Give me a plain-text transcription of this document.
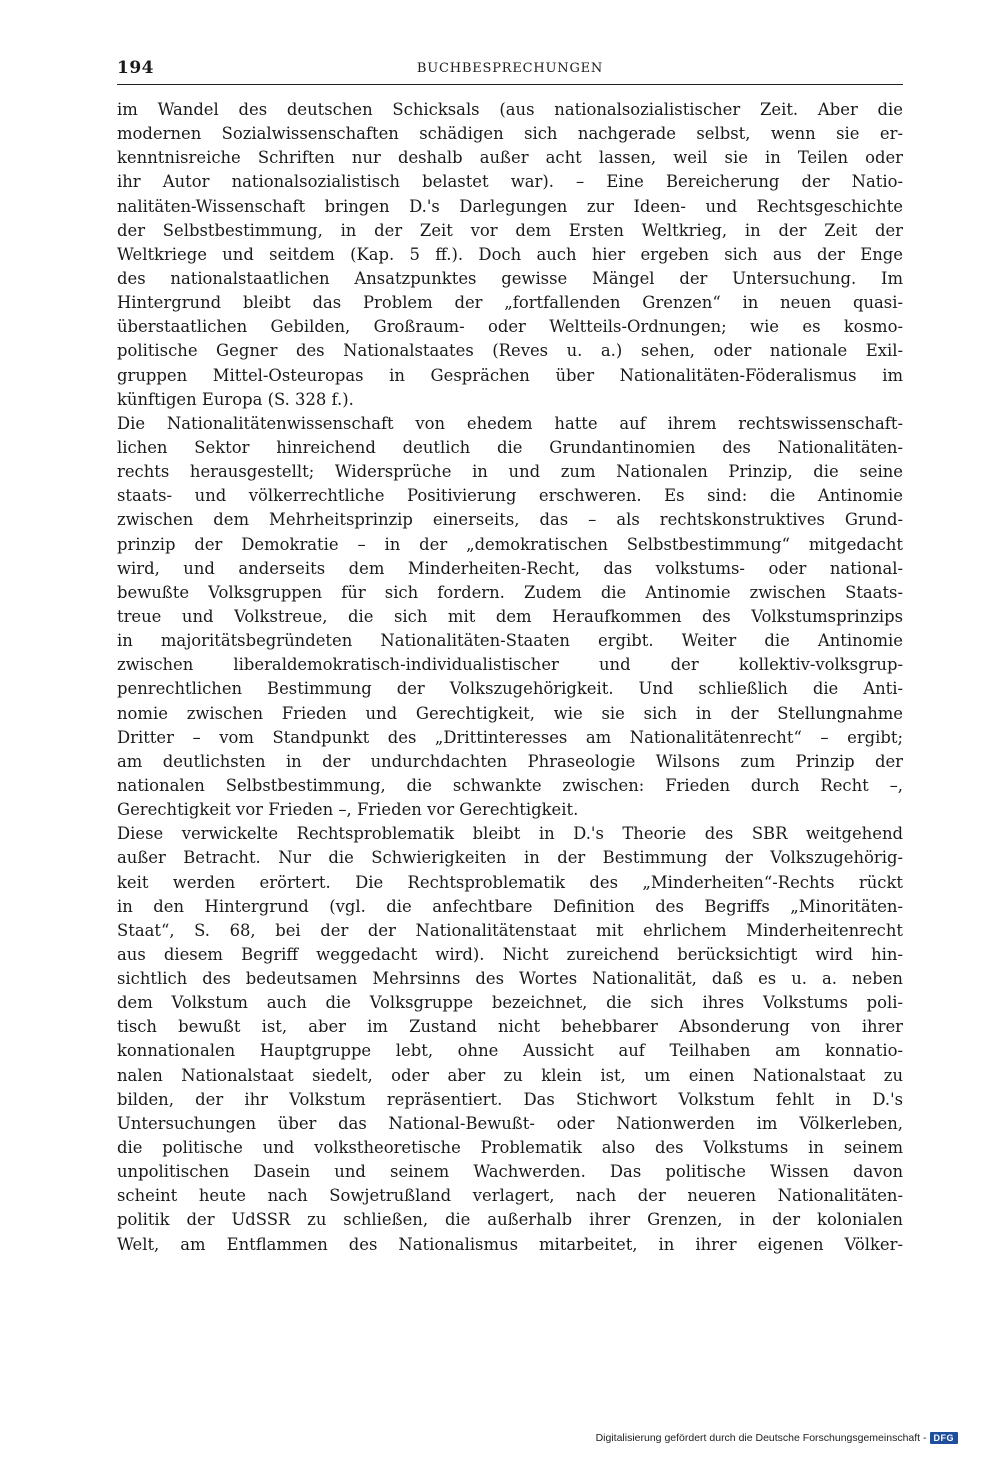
194	BUCHBESPRECHUNGEN
im Wandel des deutschen Schicksals (aus nationalsozialistischer Zeit. Aber die
modernen Sozialwissenschaften schädigen sich nachgerade selbst, wenn sie er-
kenntnisreiche Schriften nur deshalb außer acht lassen, weil sie in Teilen oder
ihr Autor nationalsozialistisch belastet war). – Eine Bereicherung der Natio-
nalitäten-Wissenschaft bringen D.'s Darlegungen zur Ideen- und Rechtsgeschichte
der Selbstbestimmung, in der Zeit vor dem Ersten Weltkrieg, in der Zeit der
Weltkriege und seitdem (Kap. 5 ff.). Doch auch hier ergeben sich aus der Enge
des nationalstaatlichen Ansatzpunktes gewisse Mängel der Untersuchung. Im
Hintergrund bleibt das Problem der „fortfallenden Grenzen“ in neuen quasi-
überstaatlichen Gebilden, Großraum- oder Weltteils-Ordnungen; wie es kosmo-
politische Gegner des Nationalstaates (Reves u. a.) sehen, oder nationale Exil-
gruppen Mittel-Osteuropas in Gesprächen über Nationalitäten-Föderalismus im
künftigen Europa (S. 328 f.).
Die Nationalitätenwissenschaft von ehedem hatte auf ihrem rechtswissenschaft-
lichen Sektor hinreichend deutlich die Grundantinomien des Nationalitäten-
rechts herausgestellt; Widersprüche in und zum Nationalen Prinzip, die seine
staats- und völkerrechtliche Positivierung erschweren. Es sind: die Antinomie
zwischen dem Mehrheitsprinzip einerseits, das – als rechtskonstruktives Grund-
prinzip der Demokratie – in der „demokratischen Selbstbestimmung“ mitgedacht
wird, und anderseits dem Minderheiten-Recht, das volkstums- oder national-
bewußte Volksgruppen für sich fordern. Zudem die Antinomie zwischen Staats-
treue und Volkstreue, die sich mit dem Heraufkommen des Volkstumsprinzips
in majoritätsbegründeten Nationalitäten-Staaten ergibt. Weiter die Antinomie
zwischen liberaldemokratisch-individualistischer und der kollektiv-volksgrup-
penrechtlichen Bestimmung der Volkszugehörigkeit. Und schließlich die Anti-
nomie zwischen Frieden und Gerechtigkeit, wie sie sich in der Stellungnahme
Dritter – vom Standpunkt des „Drittinteresses am Nationalitätenrecht“ – ergibt;
am deutlichsten in der undurchdachten Phraseologie Wilsons zum Prinzip der
nationalen Selbstbestimmung, die schwankte zwischen: Frieden durch Recht –,
Gerechtigkeit vor Frieden –, Frieden vor Gerechtigkeit.
Diese verwickelte Rechtsproblematik bleibt in D.'s Theorie des SBR weitgehend
außer Betracht. Nur die Schwierigkeiten in der Bestimmung der Volkszugehörig-
keit werden erörtert. Die Rechtsproblematik des „Minderheiten“-Rechts rückt
in den Hintergrund (vgl. die anfechtbare Definition des Begriffs „Minoritäten-
Staat“, S. 68, bei der der Nationalitätenstaat mit ehrlichem Minderheitenrecht
aus diesem Begriff weggedacht wird). Nicht zureichend berücksichtigt wird hin-
sichtlich des bedeutsamen Mehrsinns des Wortes Nationalität, daß es u. a. neben
dem Volkstum auch die Volksgruppe bezeichnet, die sich ihres Volkstums poli-
tisch bewußt ist, aber im Zustand nicht behebbarer Absonderung von ihrer
konnationalen Hauptgruppe lebt, ohne Aussicht auf Teilhaben am konnatio-
nalen Nationalstaat siedelt, oder aber zu klein ist, um einen Nationalstaat zu
bilden, der ihr Volkstum repräsentiert. Das Stichwort Volkstum fehlt in D.'s
Untersuchungen über das National-Bewußt- oder Nationwerden im Völkerleben,
die politische und volkstheoretische Problematik also des Volkstums in seinem
unpolitischen Dasein und seinem Wachwerden. Das politische Wissen davon
scheint heute nach Sowjetrußland verlagert, nach der neueren Nationalitäten-
politik der UdSSR zu schließen, die außerhalb ihrer Grenzen, in der kolonialen
Welt, am Entflammen des Nationalismus mitarbeitet, in ihrer eigenen Völker-
Digitalisierung gefördert durch die Deutsche Forschungsgemeinschaft - DFG
